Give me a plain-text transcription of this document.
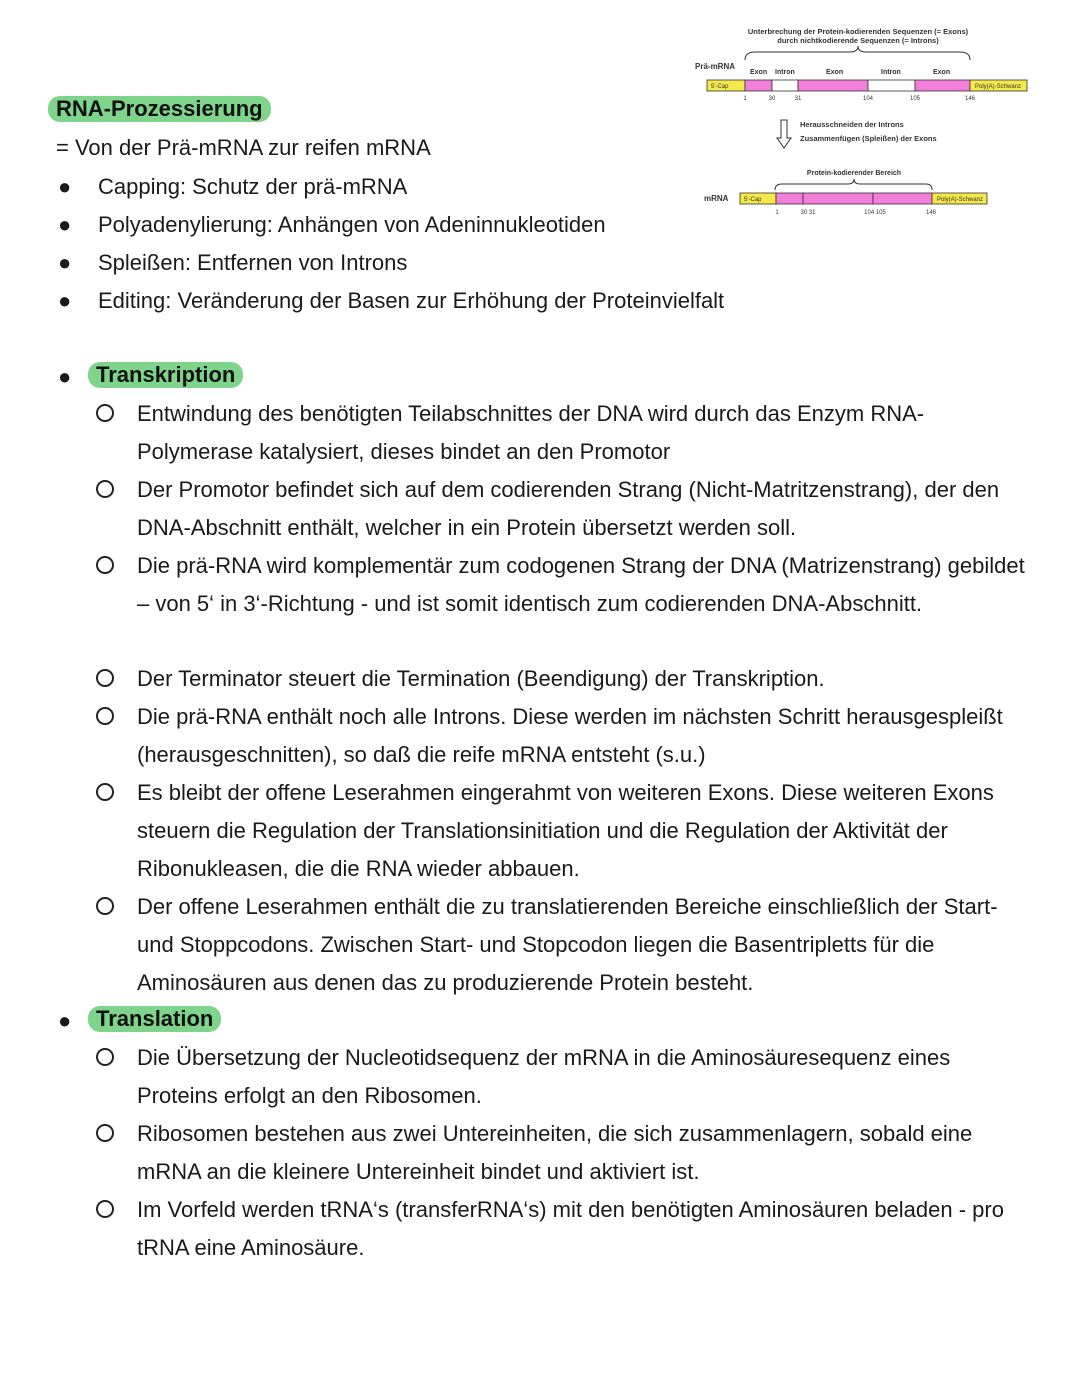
Unterbrechung der Protein-kodierenden Sequenzen (= Exons)
durch nichtkodierende Sequenzen (= Introns)
Prä-mRNA
Exon Intron	Exon	Intron	Exon
5'-Cap	Poly(A)-Schwanz
1	30	31	104	105	146
Herausschneiden der Introns
Zusammenfügen (Spleißen) der Exons
Protein-kodierender Bereich
mRNA	5'-Cap	Poly(A)-Schwanz
1	30 31	104 105	146
RNA-Prozessierung
= Von der Prä-mRNA zur reifen mRNA
● Capping: Schutz der prä-mRNA
● Polyadenylierung: Anhängen von Adeninnukleotiden
● Spleißen: Entfernen von Introns
● Editing: Veränderung der Basen zur Erhöhung der Proteinvielfalt
●	Transkription
Entwindung des benötigten Teilabschnittes der DNA wird durch das Enzym RNA-Polymerase katalysiert, dieses bindet an den Promotor
Der Promotor befindet sich auf dem codierenden Strang (Nicht-Matritzenstrang), der den DNA-Abschnitt enthält, welcher in ein Protein übersetzt werden soll.
Die prä-RNA wird komplementär zum codogenen Strang der DNA (Matrizenstrang) gebildet – von 5‘ in 3‘-Richtung - und ist somit identisch zum codierenden DNA-Abschnitt.
Der Terminator steuert die Termination (Beendigung) der Transkription.
Die prä-RNA enthält noch alle Introns. Diese werden im nächsten Schritt herausgespleißt (herausgeschnitten), so daß die reife mRNA entsteht (s.u.)
Es bleibt der offene Leserahmen eingerahmt von weiteren Exons. Diese weiteren Exons steuern die Regulation der Translationsinitiation und die Regulation der Aktivität der Ribonukleasen, die die RNA wieder abbauen.
Der offene Leserahmen enthält die zu translatierenden Bereiche einschließlich der Start- und Stoppcodons. Zwischen Start- und Stopcodon liegen die Basentripletts für die Aminosäuren aus denen das zu produzierende Protein besteht.
●	Translation
Die Übersetzung der Nucleotidsequenz der mRNA in die Aminosäuresequenz eines Proteins erfolgt an den Ribosomen.
Ribosomen bestehen aus zwei Untereinheiten, die sich zusammenlagern, sobald eine mRNA an die kleinere Untereinheit bindet und aktiviert ist.
Im Vorfeld werden tRNA‘s (transferRNA‘s) mit den benötigten Aminosäuren beladen - pro tRNA eine Aminosäure.
